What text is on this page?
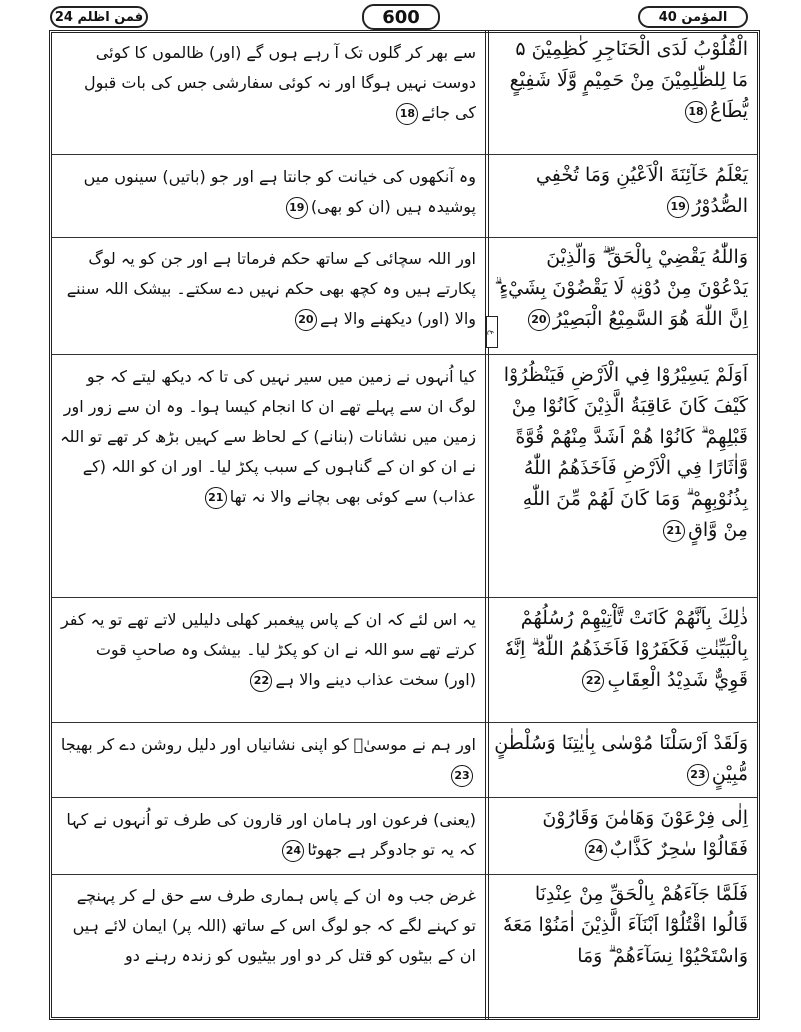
فمن اظلم 24	600	المؤمن 40
ع
الْقُلُوْبُ لَدَى الْحَنَاجِرِ كٰظِمِيْنَ ۵ مَا لِلظّٰلِمِيْنَ مِنْ حَمِيْمٍ وَّلَا شَفِيْعٍ يُّطَاعُ18
سے بھر کر گلوں تک آ رہے ہوں گے (اور) ظالموں کا کوئی دوست نہیں ہوگا اور نہ کوئی سفارشی جس کی بات قبول کی جائے18
يَعْلَمُ خَآئِنَةَ الْاَعْيُنِ وَمَا تُخْفِي الصُّدُوْرُ19
وہ آنکھوں کی خیانت کو جانتا ہے اور جو (باتیں) سینوں میں پوشیدہ ہیں (ان کو بھی)19
وَاللّٰهُ يَقْضِيْ بِالْحَقِّ ۗ وَالَّذِيْنَ يَدْعُوْنَ مِنْ دُوْنِهٖ لَا يَقْضُوْنَ بِشَيْءٍ ۗ اِنَّ اللّٰهَ هُوَ السَّمِيْعُ الْبَصِيْرُ20
اور اللہ سچائی کے ساتھ حکم فرماتا ہے اور جن کو یہ لوگ پکارتے ہیں وہ کچھ بھی حکم نہیں دے سکتے۔ بیشک اللہ سننے والا (اور) دیکھنے والا ہے20
اَوَلَمْ يَسِيْرُوْا فِي الْاَرْضِ فَيَنْظُرُوْا كَيْفَ كَانَ عَاقِبَةُ الَّذِيْنَ كَانُوْا مِنْ قَبْلِهِمْ ۗ كَانُوْا هُمْ اَشَدَّ مِنْهُمْ قُوَّةً وَّاٰثَارًا فِي الْاَرْضِ فَاَخَذَهُمُ اللّٰهُ بِذُنُوْبِهِمْ ۗ وَمَا كَانَ لَهُمْ مِّنَ اللّٰهِ مِنْ وَّاقٍ21
کیا اُنہوں نے زمین میں سیر نہیں کی تا کہ دیکھ لیتے کہ جو لوگ ان سے پہلے تھے ان کا انجام کیسا ہوا۔ وہ ان سے زور اور زمین میں نشانات (بنانے) کے لحاظ سے کہیں بڑھ کر تھے تو اللہ نے ان کو ان کے گناہوں کے سبب پکڑ لیا۔ اور ان کو اللہ (کے عذاب) سے کوئی بھی بچانے والا نہ تھا21
ذٰلِكَ بِاَنَّهُمْ كَانَتْ تَّاْتِيْهِمْ رُسُلُهُمْ بِالْبَيِّنٰتِ فَكَفَرُوْا فَاَخَذَهُمُ اللّٰهُ ۗ اِنَّهٗ قَوِيٌّ شَدِيْدُ الْعِقَابِ22
یہ اس لئے کہ ان کے پاس پیغمبر کھلی دلیلیں لاتے تھے تو یہ کفر کرتے تھے سو اللہ نے ان کو پکڑ لیا۔ بیشک وہ صاحبِ قوت (اور) سخت عذاب دینے والا ہے22
وَلَقَدْ اَرْسَلْنَا مُوْسٰى بِاٰيٰتِنَا وَسُلْطٰنٍ مُّبِيْنٍ23
اور ہم نے موسیٰؑ کو اپنی نشانیاں اور دلیل روشن دے کر بھیجا23
اِلٰى فِرْعَوْنَ وَهَامٰنَ وَقَارُوْنَ فَقَالُوْا سٰحِرٌ كَذَّابٌ24
(یعنی) فرعون اور ہامان اور قارون کی طرف تو اُنہوں نے کہا کہ یہ تو جادوگر ہے جھوٹا24
فَلَمَّا جَآءَهُمْ بِالْحَقِّ مِنْ عِنْدِنَا قَالُوا اقْتُلُوْٓا اَبْنَآءَ الَّذِيْنَ اٰمَنُوْا مَعَهٗ وَاسْتَحْيُوْا نِسَآءَهُمْ ۗ وَمَا
غرض جب وہ ان کے پاس ہماری طرف سے حق لے کر پہنچے تو کہنے لگے کہ جو لوگ اس کے ساتھ (اللہ پر) ایمان لائے ہیں ان کے بیٹوں کو قتل کر دو اور بیٹیوں کو زندہ رہنے دو
